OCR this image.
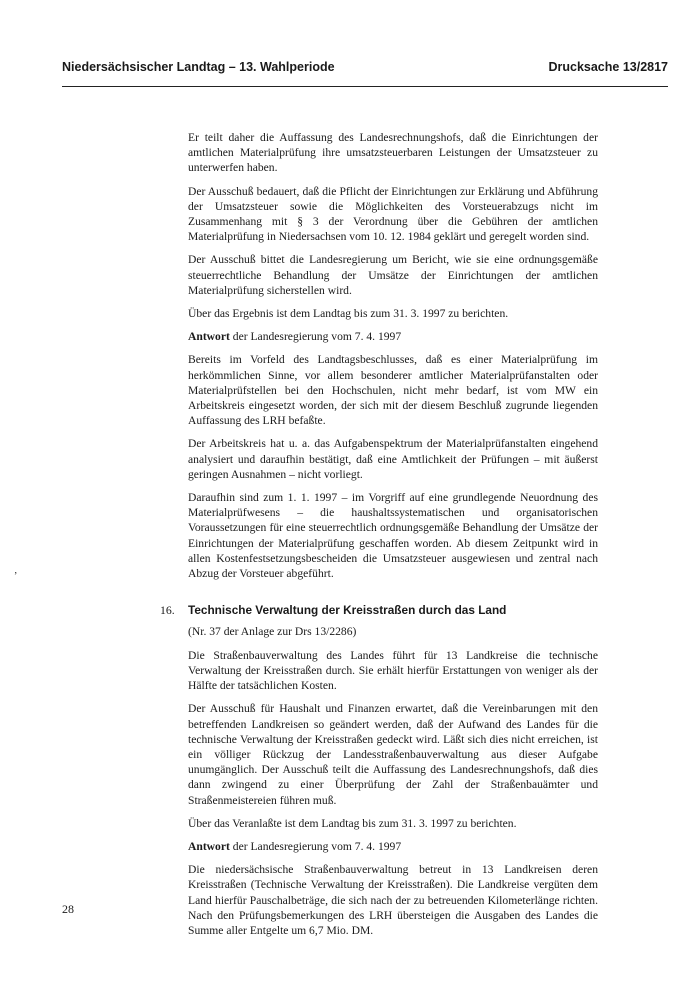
Niedersächsischer Landtag – 13. Wahlperiode	Drucksache 13/2817

Er teilt daher die Auffassung des Landesrechnungshofs, daß die Einrichtungen der amtlichen Materialprüfung ihre umsatzsteuerbaren Leistungen der Umsatzsteuer zu unterwerfen haben.

Der Ausschuß bedauert, daß die Pflicht der Einrichtungen zur Erklärung und Abführung der Umsatzsteuer sowie die Möglichkeiten des Vorsteuerabzugs nicht im Zusammenhang mit § 3 der Verordnung über die Gebühren der amtlichen Materialprüfung in Niedersachsen vom 10. 12. 1984 geklärt und geregelt worden sind.

Der Ausschuß bittet die Landesregierung um Bericht, wie sie eine ordnungsgemäße steuerrechtliche Behandlung der Umsätze der Einrichtungen der amtlichen Materialprüfung sicherstellen wird.

Über das Ergebnis ist dem Landtag bis zum 31. 3. 1997 zu berichten.

Antwort der Landesregierung vom 7. 4. 1997

Bereits im Vorfeld des Landtagsbeschlusses, daß es einer Materialprüfung im herkömmlichen Sinne, vor allem besonderer amtlicher Materialprüfanstalten oder Materialprüfstellen bei den Hochschulen, nicht mehr bedarf, ist vom MW ein Arbeitskreis eingesetzt worden, der sich mit der diesem Beschluß zugrunde liegenden Auffassung des LRH befaßte.

Der Arbeitskreis hat u. a. das Aufgabenspektrum der Materialprüfanstalten eingehend analysiert und daraufhin bestätigt, daß eine Amtlichkeit der Prüfungen – mit äußerst geringen Ausnahmen – nicht vorliegt.

Daraufhin sind zum 1. 1. 1997 – im Vorgriff auf eine grundlegende Neuordnung des Materialprüfwesens – die haushaltssystematischen und organisatorischen Voraussetzungen für eine steuerrechtlich ordnungsgemäße Behandlung der Umsätze der Einrichtungen der Materialprüfung geschaffen worden. Ab diesem Zeitpunkt wird in allen Kostenfestsetzungsbescheiden die Umsatzsteuer ausgewiesen und zentral nach Abzug der Vorsteuer abgeführt.

16. Technische Verwaltung der Kreisstraßen durch das Land

(Nr. 37 der Anlage zur Drs 13/2286)

Die Straßenbauverwaltung des Landes führt für 13 Landkreise die technische Verwaltung der Kreisstraßen durch. Sie erhält hierfür Erstattungen von weniger als der Hälfte der tatsächlichen Kosten.

Der Ausschuß für Haushalt und Finanzen erwartet, daß die Vereinbarungen mit den betreffenden Landkreisen so geändert werden, daß der Aufwand des Landes für die technische Verwaltung der Kreisstraßen gedeckt wird. Läßt sich dies nicht erreichen, ist ein völliger Rückzug der Landesstraßenbauverwaltung aus dieser Aufgabe unumgänglich. Der Ausschuß teilt die Auffassung des Landesrechnungshofs, daß dies dann zwingend zu einer Überprüfung der Zahl der Straßenbauämter und Straßenmeistereien führen muß.

Über das Veranlaßte ist dem Landtag bis zum 31. 3. 1997 zu berichten.

Antwort der Landesregierung vom 7. 4. 1997

Die niedersächsische Straßenbauverwaltung betreut in 13 Landkreisen deren Kreisstraßen (Technische Verwaltung der Kreisstraßen). Die Landkreise vergüten dem Land hierfür Pauschalbeträge, die sich nach der zu betreuenden Kilometerlänge richten. Nach den Prüfungsbemerkungen des LRH übersteigen die Ausgaben des Landes die Summe aller Entgelte um 6,7 Mio. DM.

’
28
